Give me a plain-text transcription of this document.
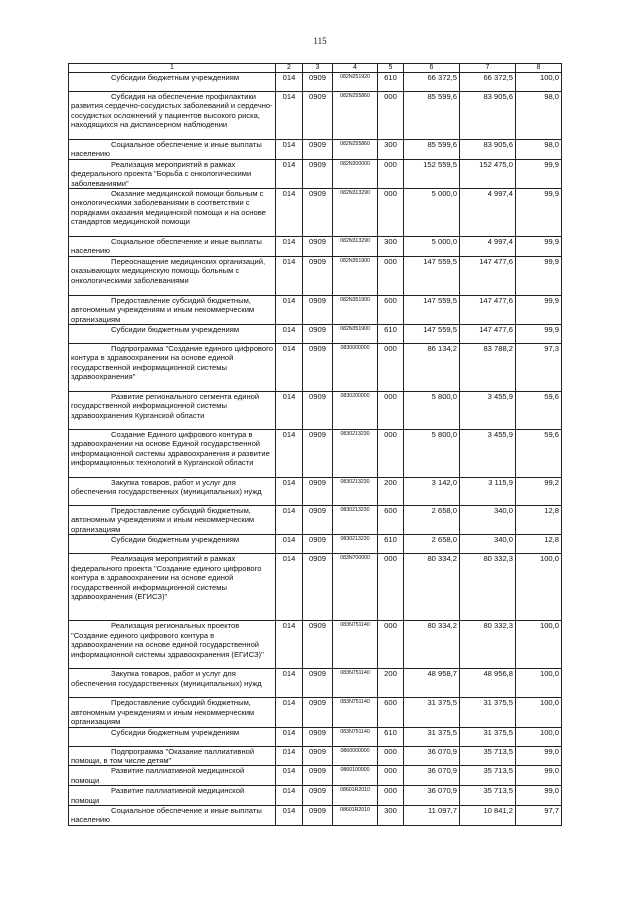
115
1	2	3	4	5	6	7	8

Субсидии бюджетным учреждениям	014	0909	082N251920	610	66 372,5	66 372,5	100,0

Субсидия на обеспечение профилактики развития сердечно-сосудистых заболеваний и сердечно-сосудистых осложнений у пациентов высокого риска, находящихся на диспансерном наблюдении	014	0909	082N255860	000	85 599,6	83 905,6	98,0

Социальное обеспечение и иные выплаты населению	014	0909	082N255860	300	85 599,6	83 905,6	98,0

Реализация мероприятий в рамках федерального проекта "Борьба с онкологическими заболеваниями"	014	0909	082N300000	000	152 559,5	152 475,0	99,9

Оказание медицинской помощи больным с онкологическими заболеваниями в соответствии с порядками оказания медицинской помощи и на основе стандартов медицинской помощи	014	0909	082N313290	000	5 000,0	4 997,4	99,9

Социальное обеспечение и иные выплаты населению	014	0909	082N313290	300	5 000,0	4 997,4	99,9

Переоснащение медицинских организаций, оказывающих медицинскую помощь больным с онкологическими заболеваниями	014	0909	082N351900	000	147 559,5	147 477,6	99,9

Предоставление субсидий бюджетным, автономным учреждениям и иным некоммерческим организациям	014	0909	082N351900	600	147 559,5	147 477,6	99,9

Субсидии бюджетным учреждениям	014	0909	082N351900	610	147 559,5	147 477,6	99,9

Подпрограмма "Создание единого цифрового контура в здравоохранении на основе единой государственной информационной системы здравоохранения"	014	0909	0830000000	000	86 134,2	83 788,2	97,3

Развитие регионального сегмента единой государственной информационной системы здравоохранения Курганской области	014	0909	0830200000	000	5 800,0	3 455,9	59,6

Создание Единого цифрового контура в здравоохранении на основе Единой государственной информационной системы здравоохранения и развитие информационных технологий в Курганской области	014	0909	0830213230	000	5 800,0	3 455,9	59,6

Закупка товаров, работ и услуг для обеспечения государственных (муниципальных) нужд	014	0909	0830213230	200	3 142,0	3 115,9	99,2

Предоставление субсидий бюджетным, автономным учреждениям и иным некоммерческим организациям	014	0909	0830213230	600	2 658,0	340,0	12,8

Субсидии бюджетным учреждениям	014	0909	0830213230	610	2 658,0	340,0	12,8

Реализация мероприятий в рамках федерального проекта "Создание единого цифрового контура в здравоохранении на основе единой государственной информационной системы здравоохранения (ЕГИСЗ)"	014	0909	083N700000	000	80 334,2	80 332,3	100,0

Реализация региональных проектов "Создание единого цифрового контура в здравоохранении на основе единой государственной информационной системы здравоохранения (ЕГИСЗ)"	014	0909	083N751140	000	80 334,2	80 332,3	100,0

Закупка товаров, работ и услуг для обеспечения государственных (муниципальных) нужд	014	0909	083N751140	200	48 958,7	48 956,8	100,0

Предоставление субсидий бюджетным, автономным учреждениям и иным некоммерческим организациям	014	0909	083N751140	600	31 375,5	31 375,5	100,0

Субсидии бюджетным учреждениям	014	0909	083N751140	610	31 375,5	31 375,5	100,0

Подпрограмма "Оказание паллиативной помощи, в том числе детям"	014	0909	0860000000	000	36 070,9	35 713,5	99,0

Развитие паллиативной медицинской помощи	014	0909	0860100000	000	36 070,9	35 713,5	99,0

Развитие паллиативной медицинской помощи	014	0909	08601R2010	000	36 070,9	35 713,5	99,0

Социальное обеспечение и иные выплаты населению	014	0909	08601R2010	300	11 097,7	10 841,2	97,7
